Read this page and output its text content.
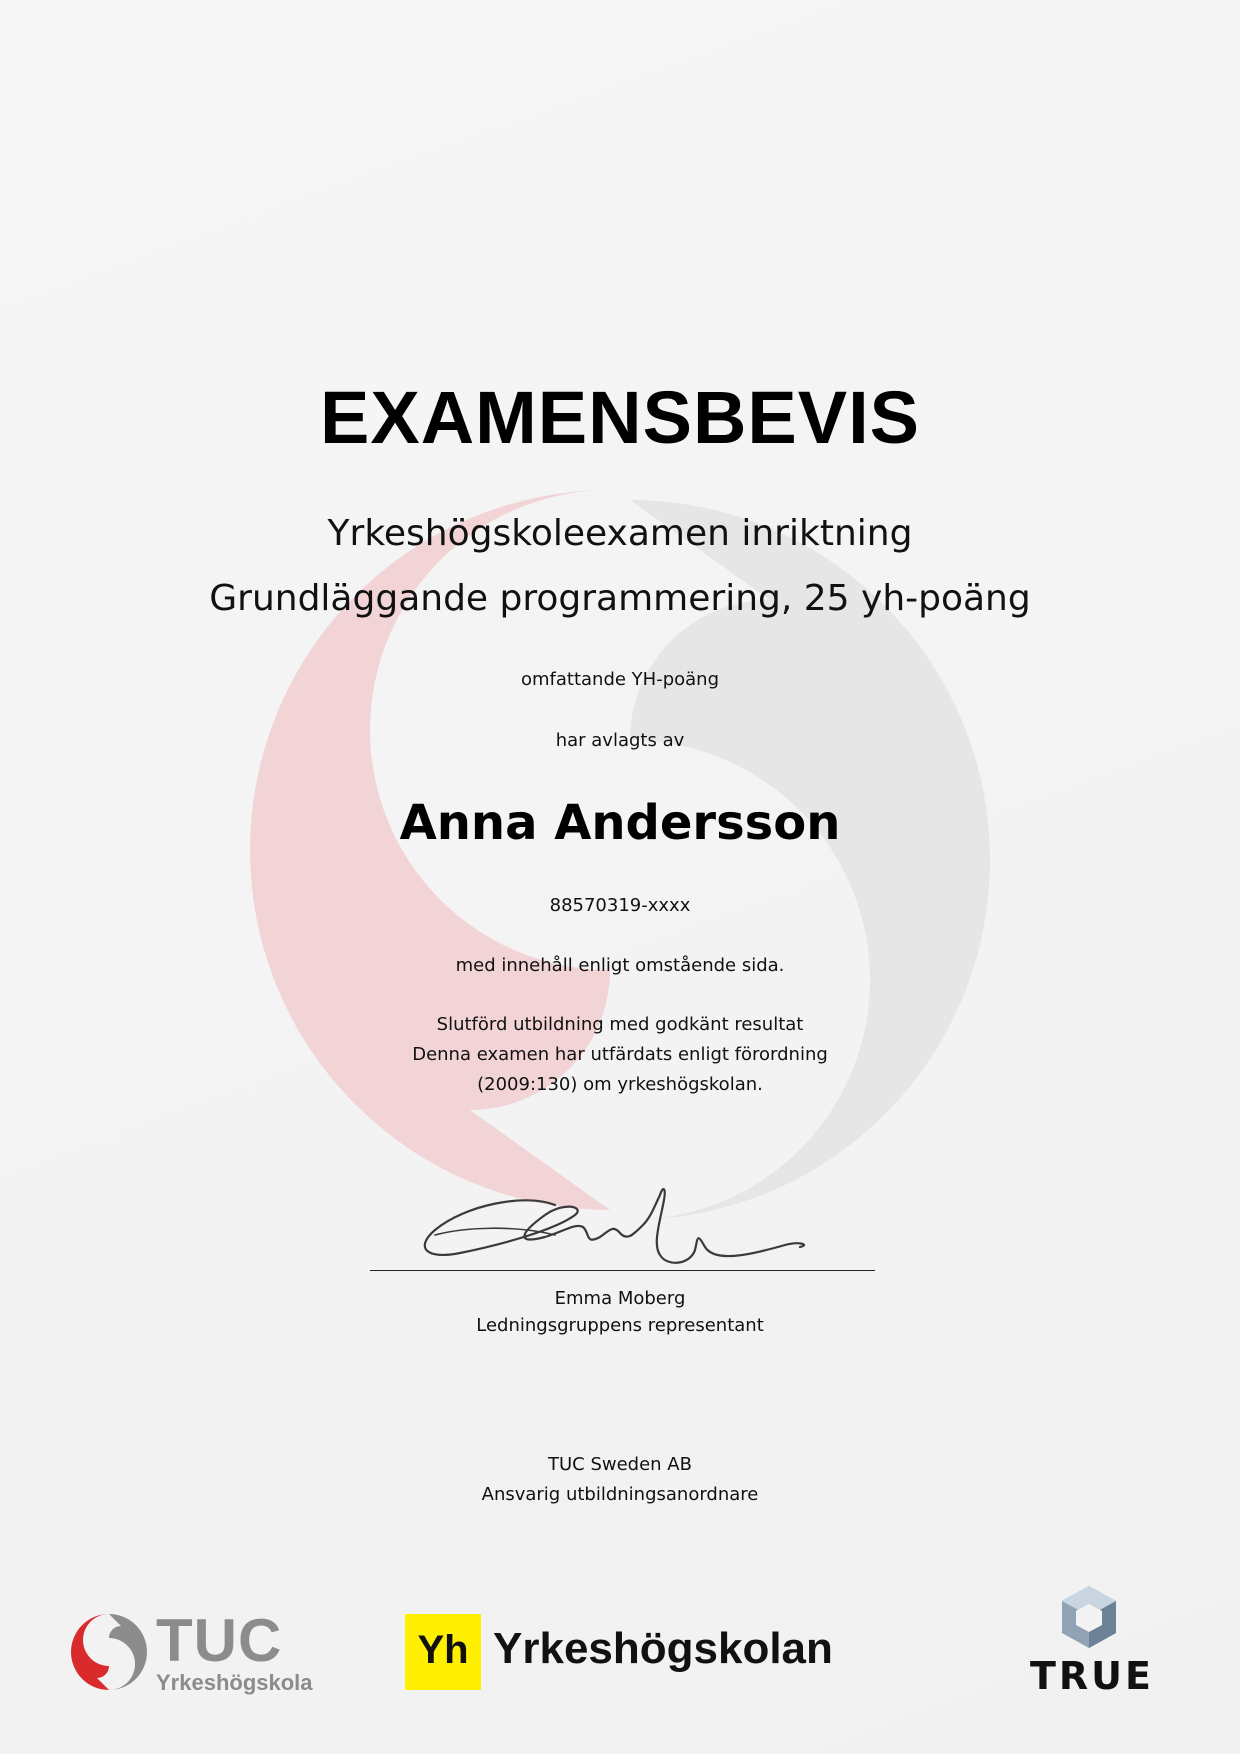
EXAMENSBEVIS
Yrkeshögskoleexamen inriktning
Grundläggande programmering, 25 yh-poäng
omfattande YH-poäng
har avlagts av
Anna Andersson
88570319-xxxx
med innehåll enligt omstående sida.
Slutförd utbildning med godkänt resultat
Denna examen har utfärdats enligt förordning
(2009:130) om yrkeshögskolan.
Emma Moberg
Ledningsgruppens representant
TUC Sweden AB
Ansvarig utbildningsanordnare
TUC
Yrkeshögskola
Yh Yrkeshögskolan
TRUE
